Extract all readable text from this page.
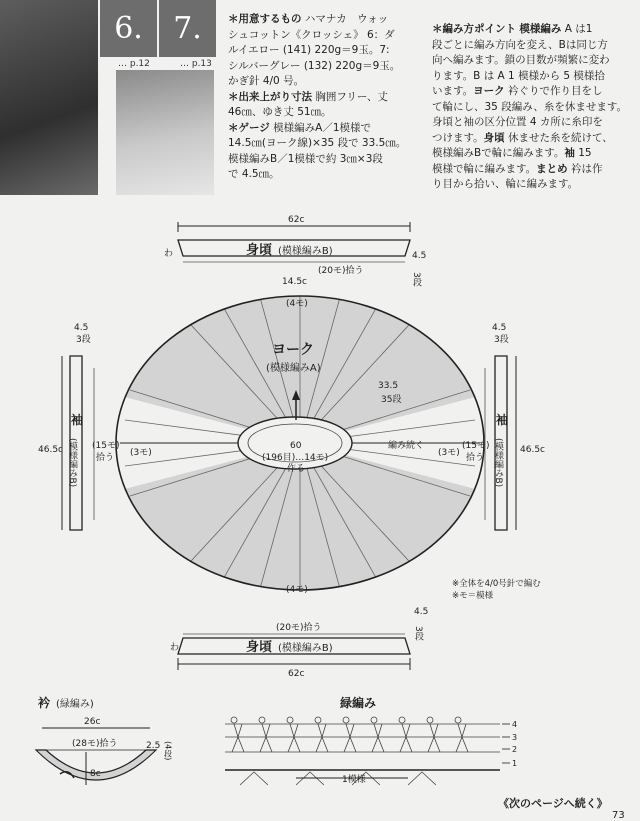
6.	7.
… p.12	… p.13
＊用意するもの ハマナカ　ウォッ
シュコットン《クロッシェ》 6：ダ
ルイエロー (141) 220g＝9玉。7:
シルバーグレー (132) 220g＝9玉。
かぎ針 4/0 号。
＊出来上がり寸法 胸囲フリー、丈
46㎝、ゆき丈 51㎝。
＊ゲージ 模様編みA／1模様で
14.5㎝(ヨーク線)×35 段で 33.5㎝。
模様編みB／1模様で約 3㎝×3段
で 4.5㎝。
＊編み方ポイント 模様編み A は1
段ごとに編み方向を変え、Bは同じ方
向へ編みます。鎖の目数が頻繁に変わ
ります。B は A 1 模様から 5 模様拾
います。ヨーク 衿ぐりで作り目をし
て輪にし、35 段編み、糸を休ませます。
身頃と袖の区分位置 4 カ所に糸印を
つけます。身頃 休ませた糸を続けて、
模様編みBで輪に編みます。袖 15
模様で輪に編みます。まとめ 衿は作
り目から拾い、輪に編みます。
62c
わ	身頃 (模様編みB)
(20モ)拾う
4.5
3段
14.5c
(4モ)
ヨーク
(模様編みA)
33.5
35段
編み続く
60
(196目)…14モ)
作る
(3モ)	(3モ)
(4モ)
袖
(模様編みB)
46.5c	(15モ)
拾う
4.5
3段
袖
(模様編みB) 46.5c
(15モ)
拾う
4.5
3段
※全体を4/0号針で編む
※モ＝模様
(20モ)拾う
身頃 (模様編みB)
わ
4.5
3段
62c
衿 (緑編み)
26c
(28モ)拾う
8c
2.5 (4段)
緑編み
1模様
4
3
2
1
《次のページへ続く》
73
